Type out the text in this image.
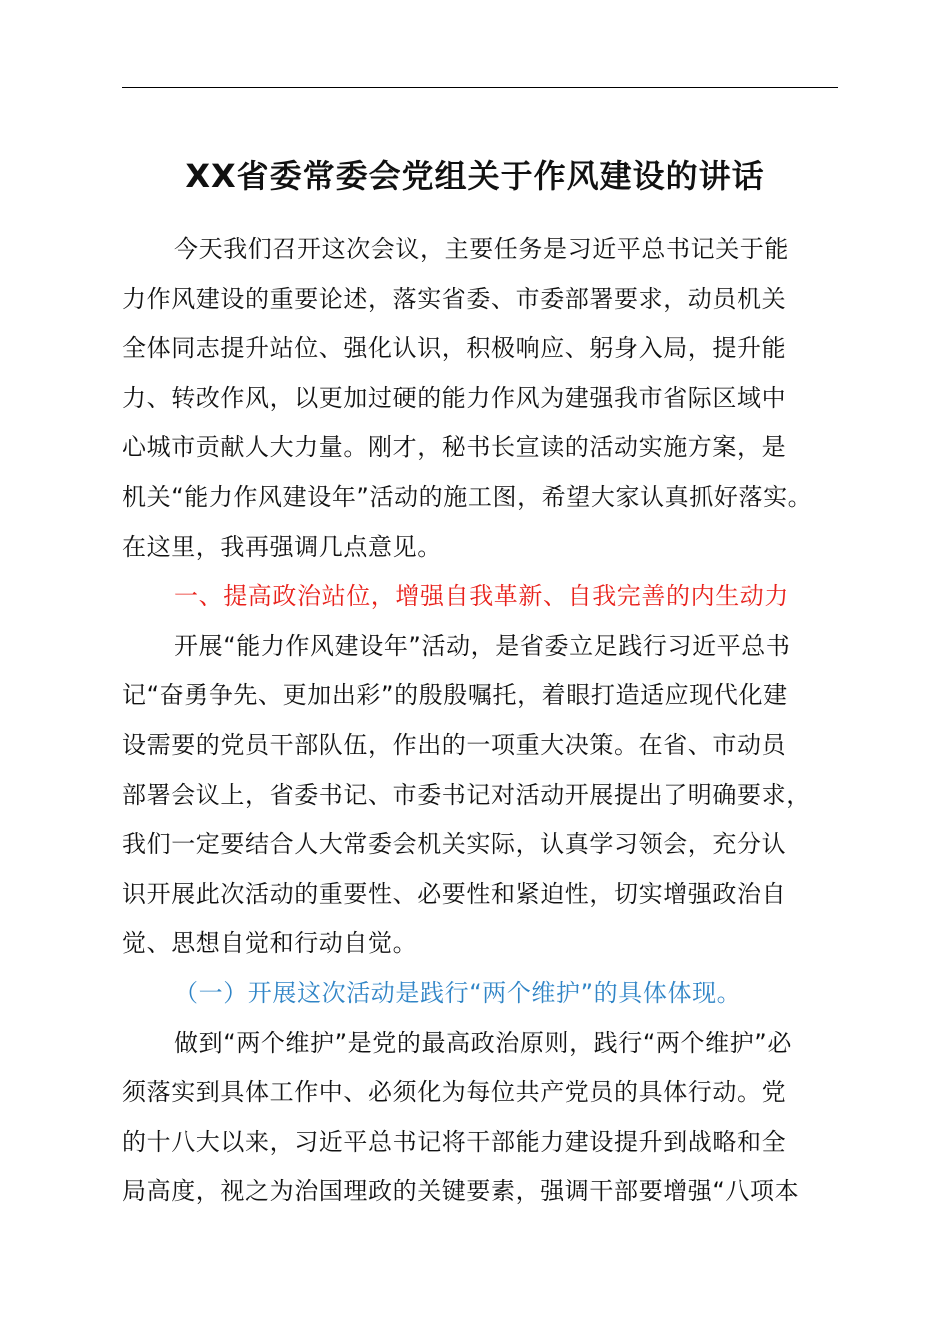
XX省委常委会党组关于作风建设的讲话
今天我们召开这次会议，主要任务是习近平总书记关于能
力作风建设的重要论述，落实省委、市委部署要求，动员机关
全体同志提升站位、强化认识，积极响应、躬身入局，提升能
力、转改作风，以更加过硬的能力作风为建强我市省际区域中
心城市贡献人大力量。刚才，秘书长宣读的活动实施方案，是
机关“能力作风建设年”活动的施工图，希望大家认真抓好落实。
在这里，我再强调几点意见。
一、提高政治站位，增强自我革新、自我完善的内生动力
开展“能力作风建设年”活动，是省委立足践行习近平总书
记“奋勇争先、更加出彩”的殷殷嘱托，着眼打造适应现代化建
设需要的党员干部队伍，作出的一项重大决策。在省、市动员
部署会议上，省委书记、市委书记对活动开展提出了明确要求，
我们一定要结合人大常委会机关实际，认真学习领会，充分认
识开展此次活动的重要性、必要性和紧迫性，切实增强政治自
觉、思想自觉和行动自觉。
（一）开展这次活动是践行“两个维护”的具体体现。
做到“两个维护”是党的最高政治原则，践行“两个维护”必
须落实到具体工作中、必须化为每位共产党员的具体行动。党
的十八大以来，习近平总书记将干部能力建设提升到战略和全
局高度，视之为治国理政的关键要素，强调干部要增强“八项本
